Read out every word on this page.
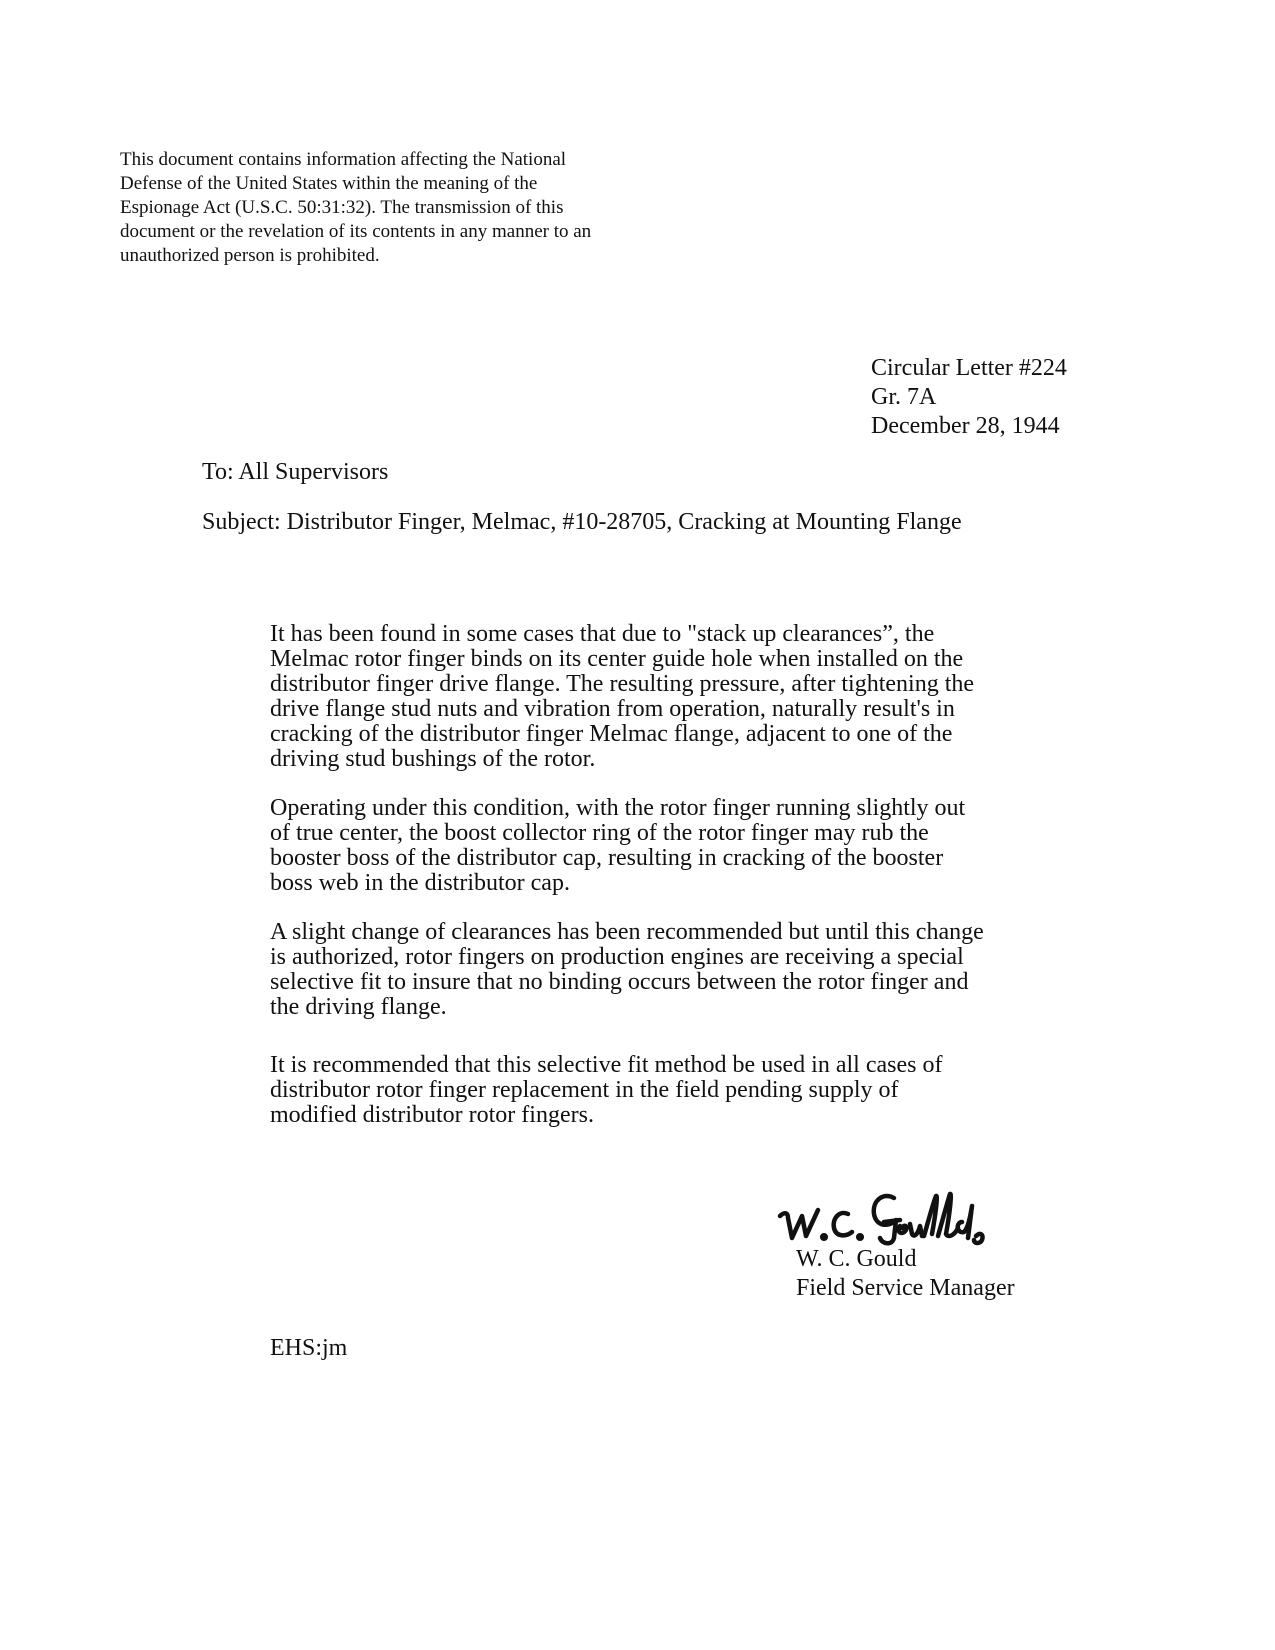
This document contains information affecting the National
Defense of the United States within the meaning of the
Espionage Act (U.S.C. 50:31:32). The transmission of this
document or the revelation of its contents in any manner to an
unauthorized person is prohibited.
Circular Letter #224
Gr. 7A
December 28, 1944
To: All Supervisors
Subject: Distributor Finger, Melmac, #10-28705, Cracking at Mounting Flange
It has been found in some cases that due to "stack up clearances”, the
Melmac rotor finger binds on its center guide hole when installed on the
distributor finger drive flange. The resulting pressure, after tightening the
drive flange stud nuts and vibration from operation, naturally result's in
cracking of the distributor finger Melmac flange, adjacent to one of the
driving stud bushings of the rotor.
Operating under this condition, with the rotor finger running slightly out
of true center, the boost collector ring of the rotor finger may rub the
booster boss of the distributor cap, resulting in cracking of the booster
boss web in the distributor cap.
A slight change of clearances has been recommended but until this change
is authorized, rotor fingers on production engines are receiving a special
selective fit to insure that no binding occurs between the rotor finger and
the driving flange.
It is recommended that this selective fit method be used in all cases of
distributor rotor finger replacement in the field pending supply of
modified distributor rotor fingers.
W. C. Gould
Field Service Manager
EHS:jm
